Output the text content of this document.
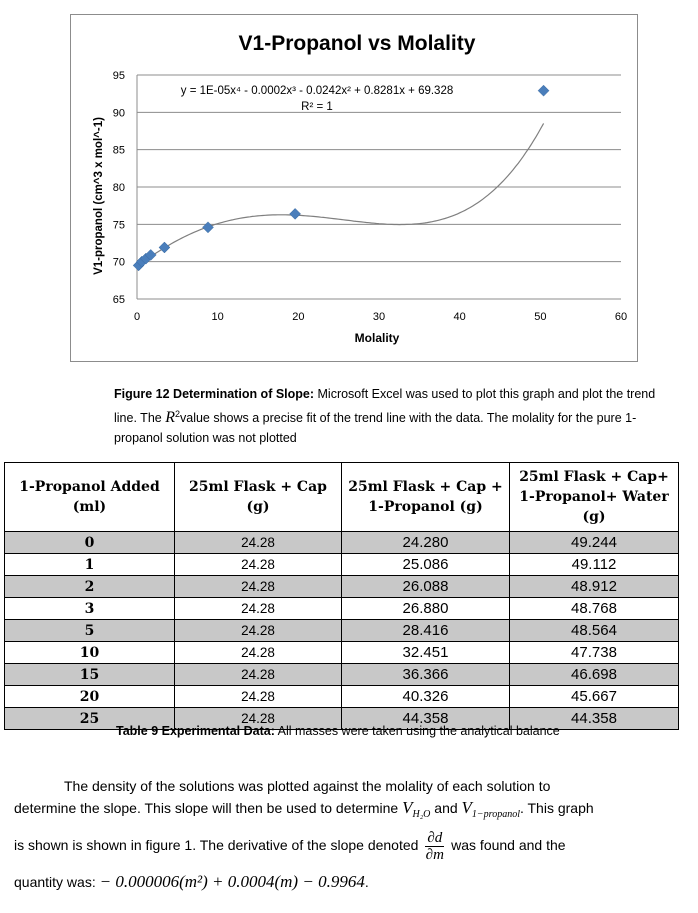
V1-Propanol vs Molality
65
70
75
80
85
90
95
0	10	20	30	40	50	60
y = 1E-05x⁴ - 0.0002x³ - 0.0242x² + 0.8281x + 69.328
R² = 1
Molality
V1-propanol (cm^3 x mol^-1)
Figure 12 Determination of Slope: Microsoft Excel was used to plot this graph and plot the trend line. The $R^2value$ shows a precise fit of the trend line with the data. The molality for the pure 1- propanol solution was not plotted
1-Propanol Added (ml)	25ml Flask + Cap (g)	25ml Flask + Cap + 1-Propanol (g)	25ml Flask + Cap+ 1-Propanol+ Water (g)
0	24.28	24.280	49.244
1	24.28	25.086	49.112
2	24.28	26.088	48.912
3	24.28	26.880	48.768
5	24.28	28.416	48.564
10	24.28	32.451	47.738
15	24.28	36.366	46.698
20	24.28	40.326	45.667
25	24.28	44.358	44.358
Table 9 Experimental Data: All masses were taken using the analytical balance
The density of the solutions was plotted against the molality of each solution to
determine the slope. This slope will then be used to determine $V_{H_2O}$ and $V_{1-propanol}$. This graph
is shown is shown in figure 1. The derivative of the slope denoted $\frac{\partial d}{\partial m}$ was found and the
quantity was: − 0.000006(m²) + 0.0004(m) − 0.9964.
